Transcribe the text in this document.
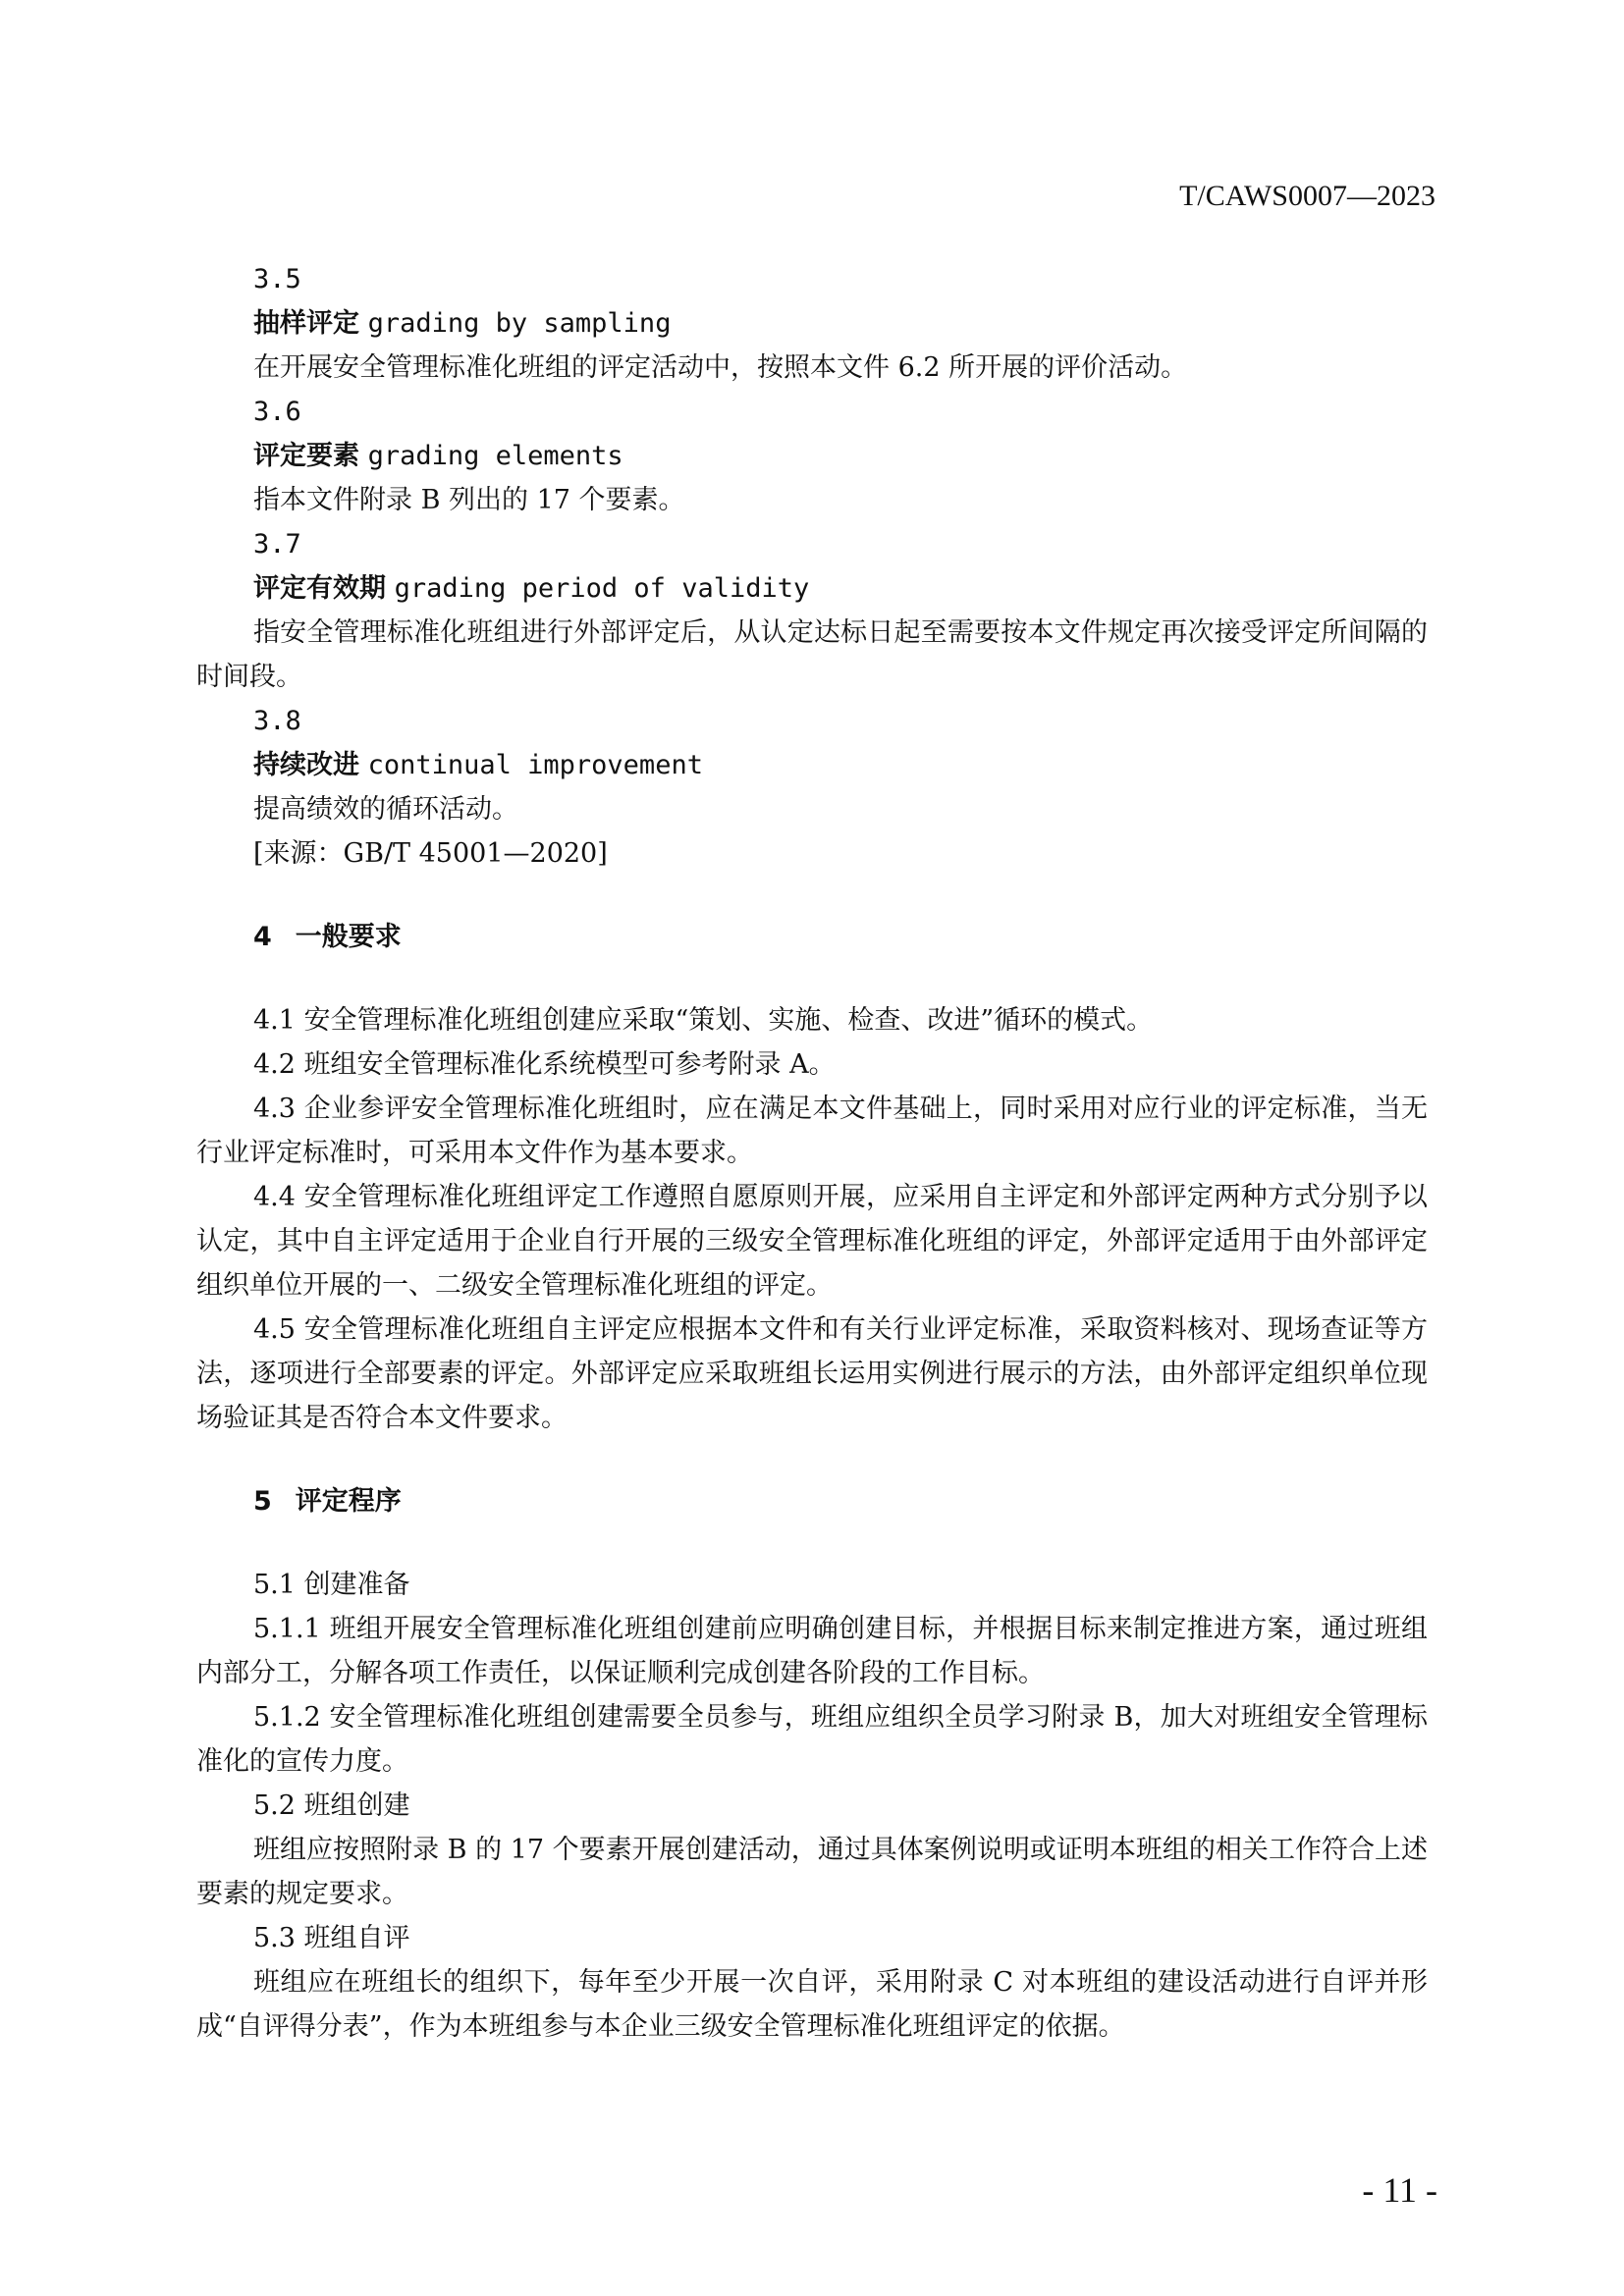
T/CAWS0007—2023
3.5
抽样评定 grading by sampling
在开展安全管理标准化班组的评定活动中，按照本文件 6.2 所开展的评价活动。
3.6
评定要素 grading elements
指本文件附录 B 列出的 17 个要素。
3.7
评定有效期 grading period of validity
指安全管理标准化班组进行外部评定后，从认定达标日起至需要按本文件规定再次接受评定所间隔的时间段。
3.8
持续改进 continual improvement
提高绩效的循环活动。
[来源：GB/T 45001—2020]
4 一般要求
4.1 安全管理标准化班组创建应采取“策划、实施、检查、改进”循环的模式。
4.2 班组安全管理标准化系统模型可参考附录 A。
4.3 企业参评安全管理标准化班组时，应在满足本文件基础上，同时采用对应行业的评定标准，当无行业评定标准时，可采用本文件作为基本要求。
4.4 安全管理标准化班组评定工作遵照自愿原则开展，应采用自主评定和外部评定两种方式分别予以认定，其中自主评定适用于企业自行开展的三级安全管理标准化班组的评定，外部评定适用于由外部评定组织单位开展的一、二级安全管理标准化班组的评定。
4.5 安全管理标准化班组自主评定应根据本文件和有关行业评定标准，采取资料核对、现场查证等方法，逐项进行全部要素的评定。外部评定应采取班组长运用实例进行展示的方法，由外部评定组织单位现场验证其是否符合本文件要求。
5 评定程序
5.1 创建准备
5.1.1 班组开展安全管理标准化班组创建前应明确创建目标，并根据目标来制定推进方案，通过班组内部分工，分解各项工作责任，以保证顺利完成创建各阶段的工作目标。
5.1.2 安全管理标准化班组创建需要全员参与，班组应组织全员学习附录 B，加大对班组安全管理标准化的宣传力度。
5.2 班组创建
班组应按照附录 B 的 17 个要素开展创建活动，通过具体案例说明或证明本班组的相关工作符合上述要素的规定要求。
5.3 班组自评
班组应在班组长的组织下，每年至少开展一次自评，采用附录 C 对本班组的建设活动进行自评并形成“自评得分表”，作为本班组参与本企业三级安全管理标准化班组评定的依据。
- 11 -
